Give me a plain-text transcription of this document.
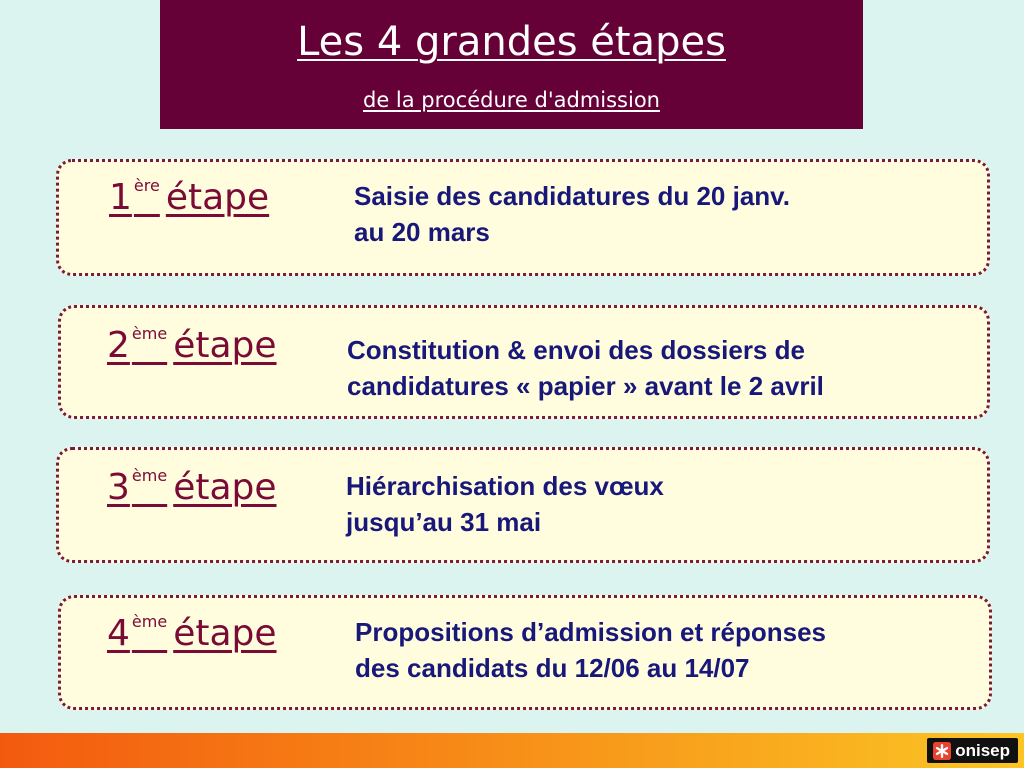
Les 4 grandes étapes
de la procédure d'admission
1 $^{ère}$ étape	Saisie des candidatures du 20 janv.
au 20 mars
2 $^{ème}$ étape	Constitution & envoi des dossiers de
candidatures « papier » avant le 2 avril
3 $^{ème}$ étape	Hiérarchisation des vœux
jusqu’au 31 mai
4 $^{ème}$ étape	Propositions d’admission et réponses
des candidats du 12/06 au 14/07
onisep
